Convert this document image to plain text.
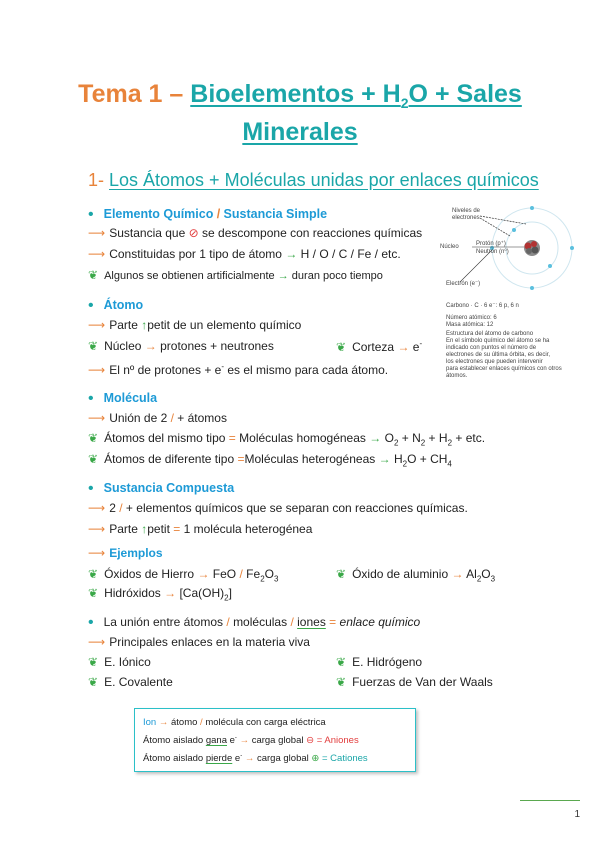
Tema 1 – Bioelementos + $H_2O$ + Sales
Minerales
1- Los Átomos + Moléculas unidas por enlaces químicos
• Elemento Químico / Sustancia Simple
⟶ Sustancia que ⊘ se descompone con reacciones químicas
⟶ Constituidas por 1 tipo de átomo → H / O / C / Fe / etc.
❦ Algunos se obtienen artificialmente → duran poco tiempo
• Átomo
⟶ Parte ↑petit de un elemento químico
❦ Núcleo → protones + neutrones	❦ Corteza → e-
⟶ El nº de protones + e- es el mismo para cada átomo.
• Molécula
⟶ Unión de 2 / + átomos
❦ Átomos del mismo tipo = Moléculas homogéneas → $O_2 + N_2 + H_2$ + etc.
❦ Átomos de diferente tipo =Moléculas heterogéneas → $H_2O + CH_4$
• Sustancia Compuesta
⟶ 2 / + elementos químicos que se separan con reacciones químicas.
⟶ Parte ↑petit = 1 molécula heterogénea
⟶ Ejemplos
❦ Óxidos de Hierro → FeO / $Fe_2O_3$	❦ Óxido de aluminio → $Al_2O_3$
❦ Hidróxidos → $[Ca(OH)_2]$
• La unión entre átomos / moléculas / iones = enlace químico
⟶ Principales enlaces en la materia viva
❦ E. Iónico	❦ E. Hidrógeno
❦ E. Covalente	❦ Fuerzas de Van der Waals
Ion → átomo / molécula con carga eléctrica
Átomo aislado gana e- → carga global ⊖ = Aniones
Átomo aislado pierde e- → carga global ⊕ = Cationes
Niveles de
electrones
Núcleo	Protón (p⁺)
Neutrón (n⁰)
Electrón (e⁻)
Carbono · C · 6 e⁻: 6 p, 6 n
Número atómico: 6
Masa atómica: 12
Estructura del átomo de carbono
En el símbolo químico del átomo se ha
indicado con puntos el número de
electrones de su última órbita, es decir,
los electrones que pueden intervenir
para establecer enlaces químicos con otros
átomos.
1
